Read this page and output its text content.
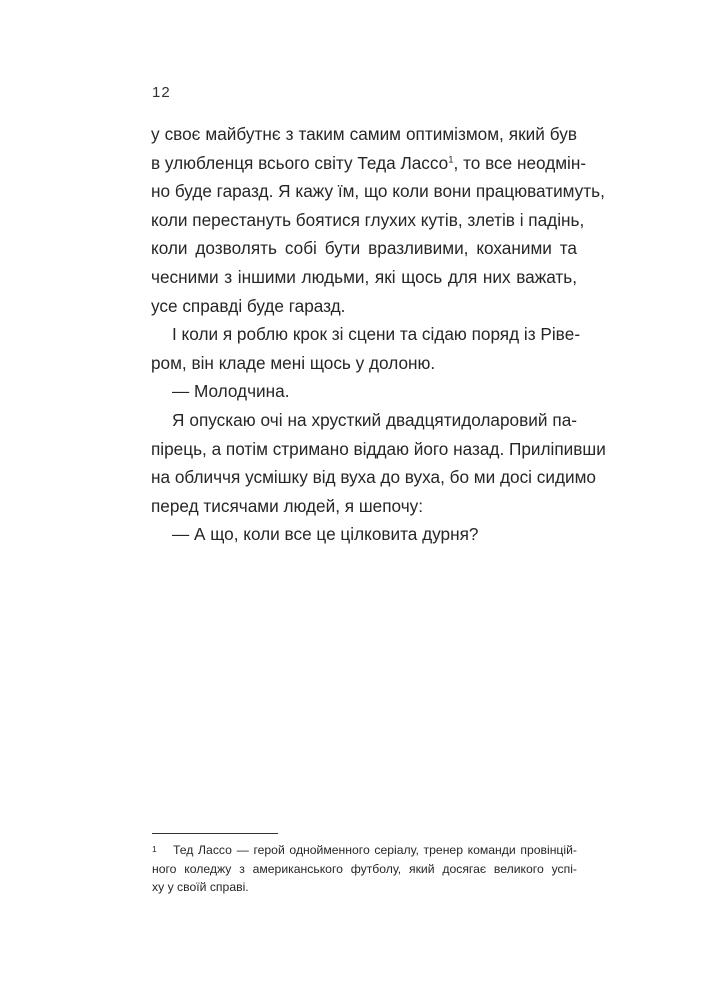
12
у своє майбутнє з таким самим оптимізмом, який був
в улюбленця всього світу Теда Лассо$^1$, то все неодмін-
но буде гаразд. Я кажу їм, що коли вони працюватимуть,
коли перестануть боятися глухих кутів, злетів і падінь,
коли дозволять собі бути вразливими, коханими та
чесними з іншими людьми, які щось для них важать,
усе справді буде гаразд.
І коли я роблю крок зі сцени та сідаю поряд із Рівe-
ром, він кладе мені щось у долоню.
— Молодчина.
Я опускаю очі на хрусткий двадцятидоларовий па-
пірець, а потім стримано віддаю його назад. Приліпивши
на обличчя усмішку від вуха до вуха, бо ми досі сидимо
перед тисячами людей, я шепочу:
— А що, коли все це цілковита дурня?
1	Тед Лассо — герой однойменного серіалу, тренер команди провінцій-
ного коледжу з американського футболу, який досягає великого успі-
ху у своїй справі.
